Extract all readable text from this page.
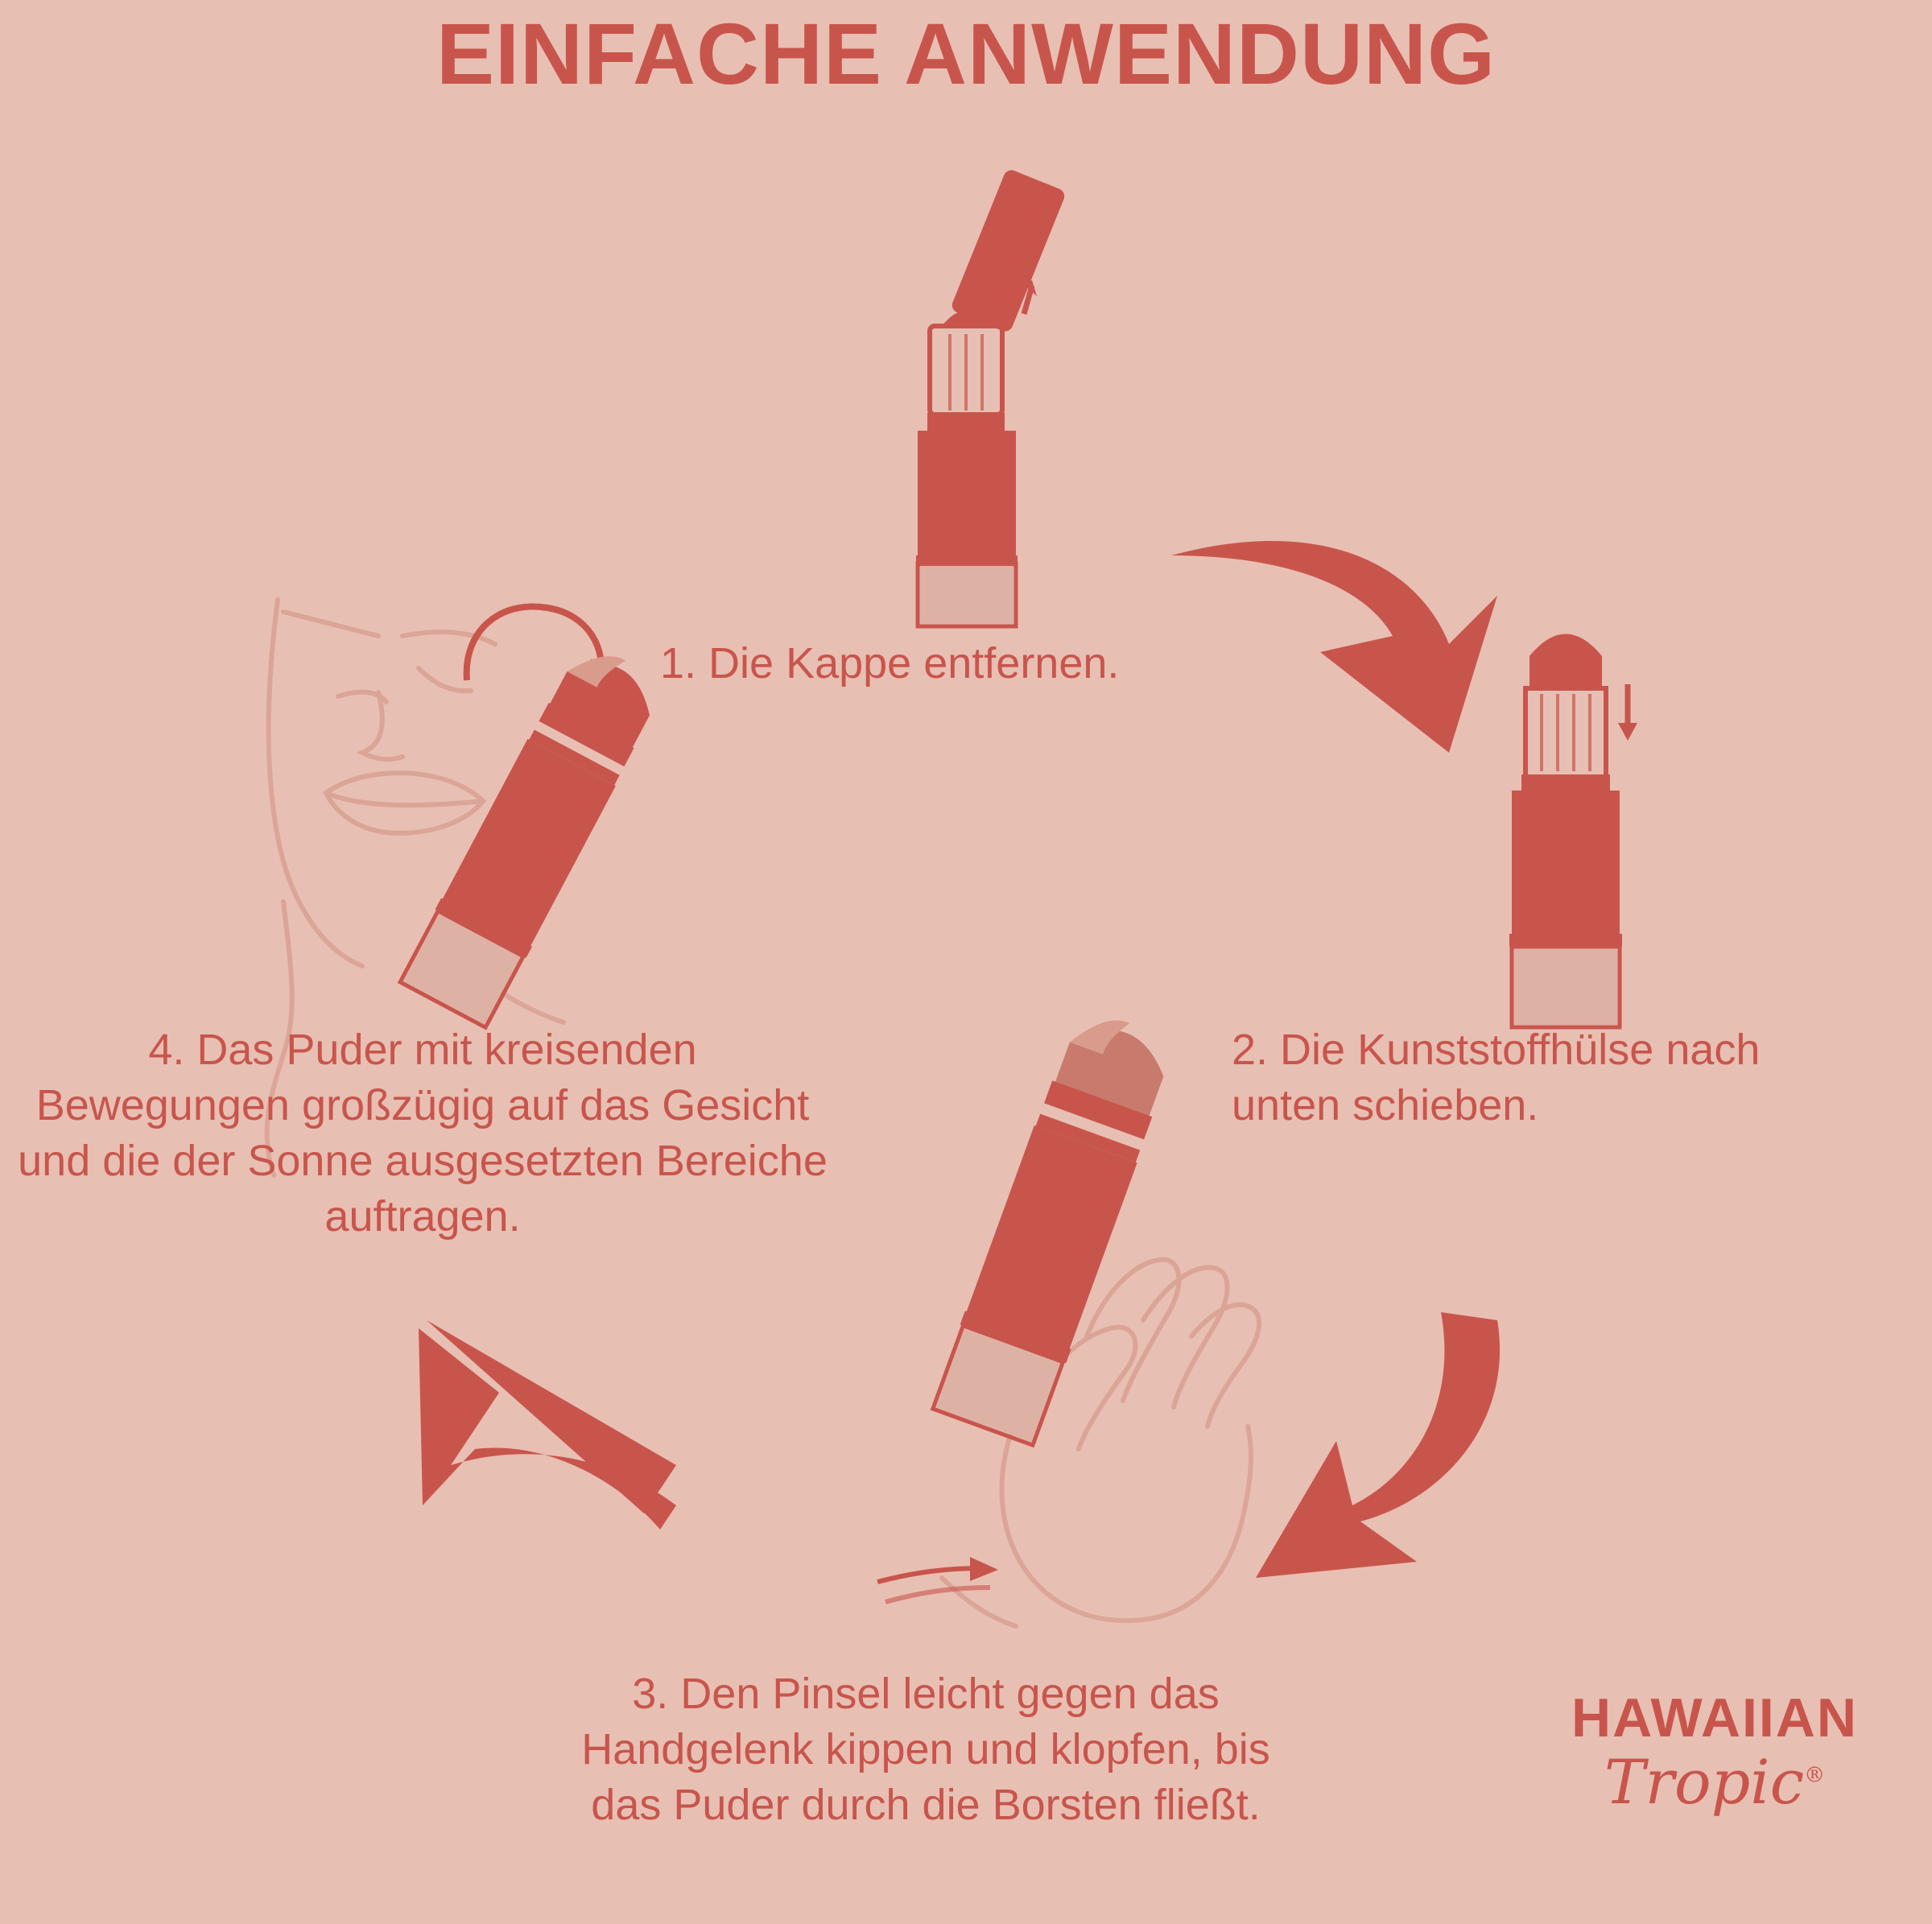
EINFACHE ANWENDUNG
1. Die Kappe entfernen.
2. Die Kunststoffhülse nach unten schieben.
3. Den Pinsel leicht gegen das Handgelenk kippen und klopfen, bis das Puder durch die Borsten fließt.
4. Das Puder mit kreisenden Bewegungen großzügig auf das Gesicht und die der Sonne ausgesetzten Bereiche auftragen.
HAWAIIAN
Tropic®
